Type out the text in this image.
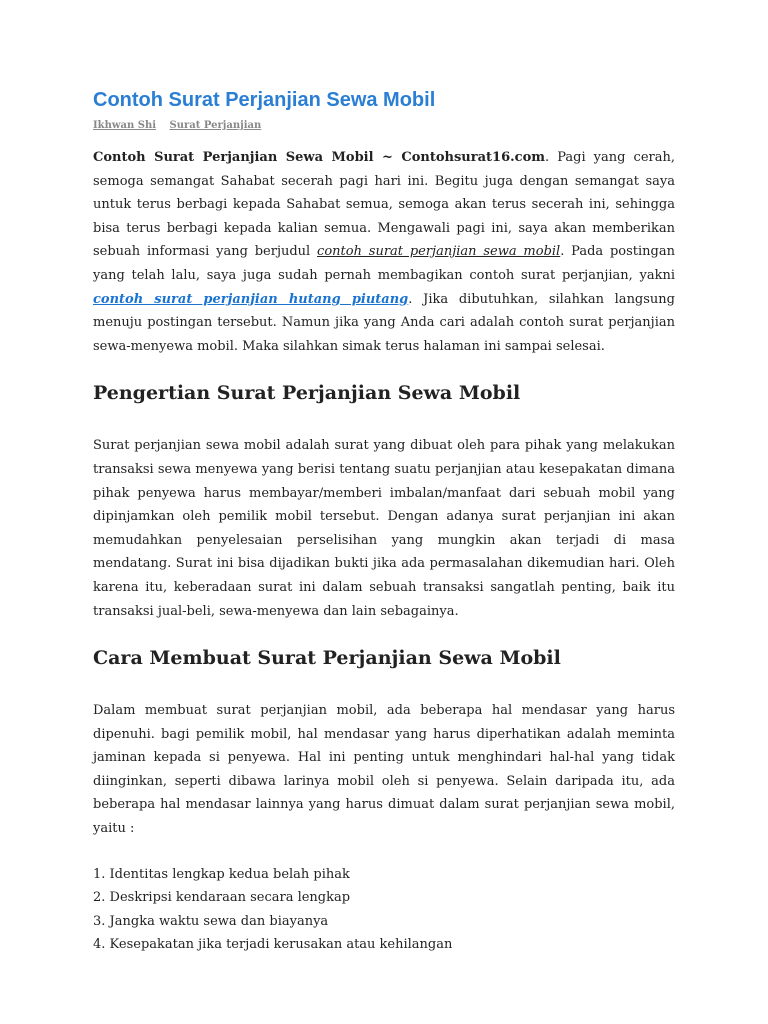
Contoh Surat Perjanjian Sewa Mobil
Ikhwan Shi Surat Perjanjian

Contoh Surat Perjanjian Sewa Mobil ~ Contohsurat16.com. Pagi yang cerah, semoga semangat Sahabat secerah pagi hari ini. Begitu juga dengan semangat saya untuk terus berbagi kepada Sahabat semua, semoga akan terus secerah ini, sehingga bisa terus berbagi kepada kalian semua. Mengawali pagi ini, saya akan memberikan sebuah informasi yang berjudul contoh surat perjanjian sewa mobil. Pada postingan yang telah lalu, saya juga sudah pernah membagikan contoh surat perjanjian, yakni contoh surat perjanjian hutang piutang. Jika dibutuhkan, silahkan langsung menuju postingan tersebut. Namun jika yang Anda cari adalah contoh surat perjanjian sewa-menyewa mobil. Maka silahkan simak terus halaman ini sampai selesai.

Pengertian Surat Perjanjian Sewa Mobil

Surat perjanjian sewa mobil adalah surat yang dibuat oleh para pihak yang melakukan transaksi sewa menyewa yang berisi tentang suatu perjanjian atau kesepakatan dimana pihak penyewa harus membayar/memberi imbalan/manfaat dari sebuah mobil yang dipinjamkan oleh pemilik mobil tersebut. Dengan adanya surat perjanjian ini akan memudahkan penyelesaian perselisihan yang mungkin akan terjadi di masa mendatang. Surat ini bisa dijadikan bukti jika ada permasalahan dikemudian hari. Oleh karena itu, keberadaan surat ini dalam sebuah transaksi sangatlah penting, baik itu transaksi jual-beli, sewa-menyewa dan lain sebagainya.

Cara Membuat Surat Perjanjian Sewa Mobil

Dalam membuat surat perjanjian mobil, ada beberapa hal mendasar yang harus dipenuhi. bagi pemilik mobil, hal mendasar yang harus diperhatikan adalah meminta jaminan kepada si penyewa. Hal ini penting untuk menghindari hal-hal yang tidak diinginkan, seperti dibawa larinya mobil oleh si penyewa. Selain daripada itu, ada beberapa hal mendasar lainnya yang harus dimuat dalam surat perjanjian sewa mobil, yaitu :

1. Identitas lengkap kedua belah pihak
2. Deskripsi kendaraan secara lengkap
3. Jangka waktu sewa dan biayanya
4. Kesepakatan jika terjadi kerusakan atau kehilangan
